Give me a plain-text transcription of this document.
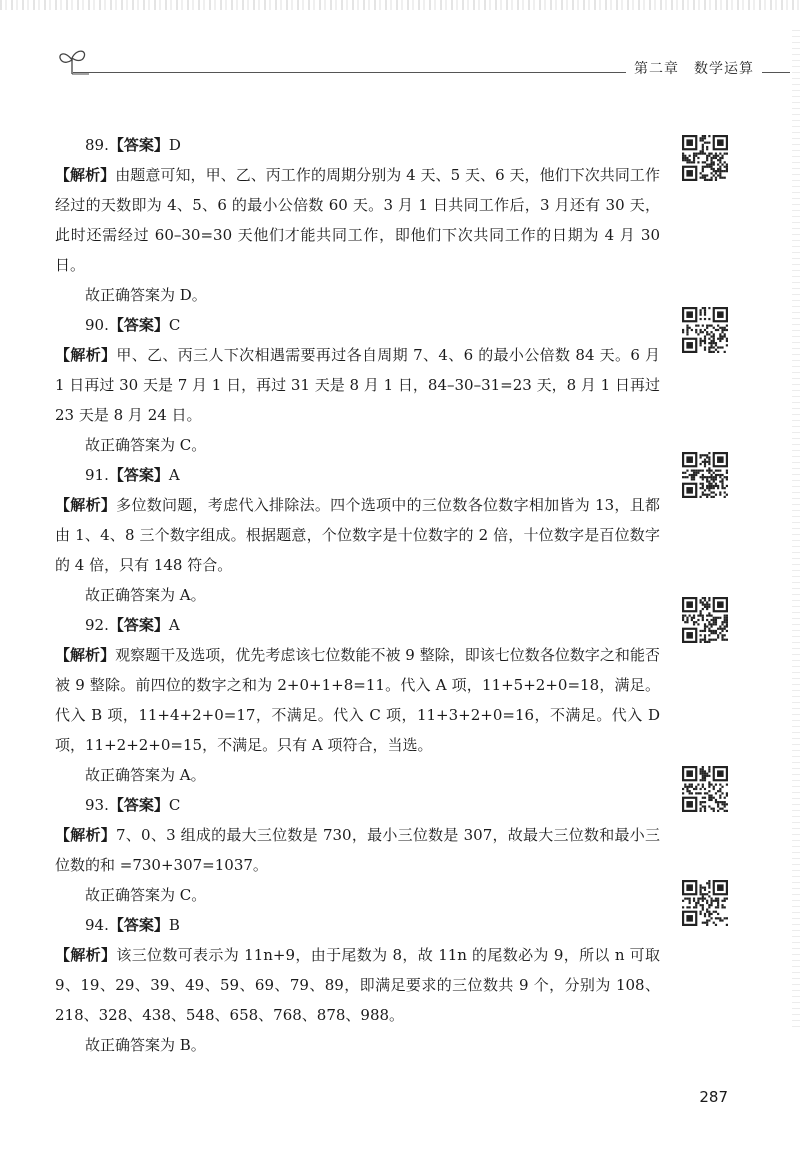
第二章　数学运算

89.【答案】D

【解析】由题意可知，甲、乙、丙工作的周期分别为 4 天、5 天、6 天，他们下次共同工作经过的天数即为 4、5、6 的最小公倍数 60 天。3 月 1 日共同工作后，3 月还有 30 天，此时还需经过 60–30=30 天他们才能共同工作，即他们下次共同工作的日期为 4 月 30 日。

故正确答案为 D。

90.【答案】C

【解析】甲、乙、丙三人下次相遇需要再过各自周期 7、4、6 的最小公倍数 84 天。6 月 1 日再过 30 天是 7 月 1 日，再过 31 天是 8 月 1 日，84–30–31=23 天，8 月 1 日再过 23 天是 8 月 24 日。

故正确答案为 C。

91.【答案】A

【解析】多位数问题，考虑代入排除法。四个选项中的三位数各位数字相加皆为 13，且都由 1、4、8 三个数字组成。根据题意，个位数字是十位数字的 2 倍，十位数字是百位数字的 4 倍，只有 148 符合。

故正确答案为 A。

92.【答案】A

【解析】观察题干及选项，优先考虑该七位数能不被 9 整除，即该七位数各位数字之和能否被 9 整除。前四位的数字之和为 2+0+1+8=11。代入 A 项，11+5+2+0=18，满足。代入 B 项，11+4+2+0=17，不满足。代入 C 项，11+3+2+0=16，不满足。代入 D 项，11+2+2+0=15，不满足。只有 A 项符合，当选。

故正确答案为 A。

93.【答案】C

【解析】7、0、3 组成的最大三位数是 730，最小三位数是 307，故最大三位数和最小三位数的和 =730+307=1037。

故正确答案为 C。

94.【答案】B

【解析】该三位数可表示为 11n+9，由于尾数为 8，故 11n 的尾数必为 9，所以 n 可取 9、19、29、39、49、59、69、79、89，即满足要求的三位数共 9 个，分别为 108、218、328、438、548、658、768、878、988。

故正确答案为 B。

287
